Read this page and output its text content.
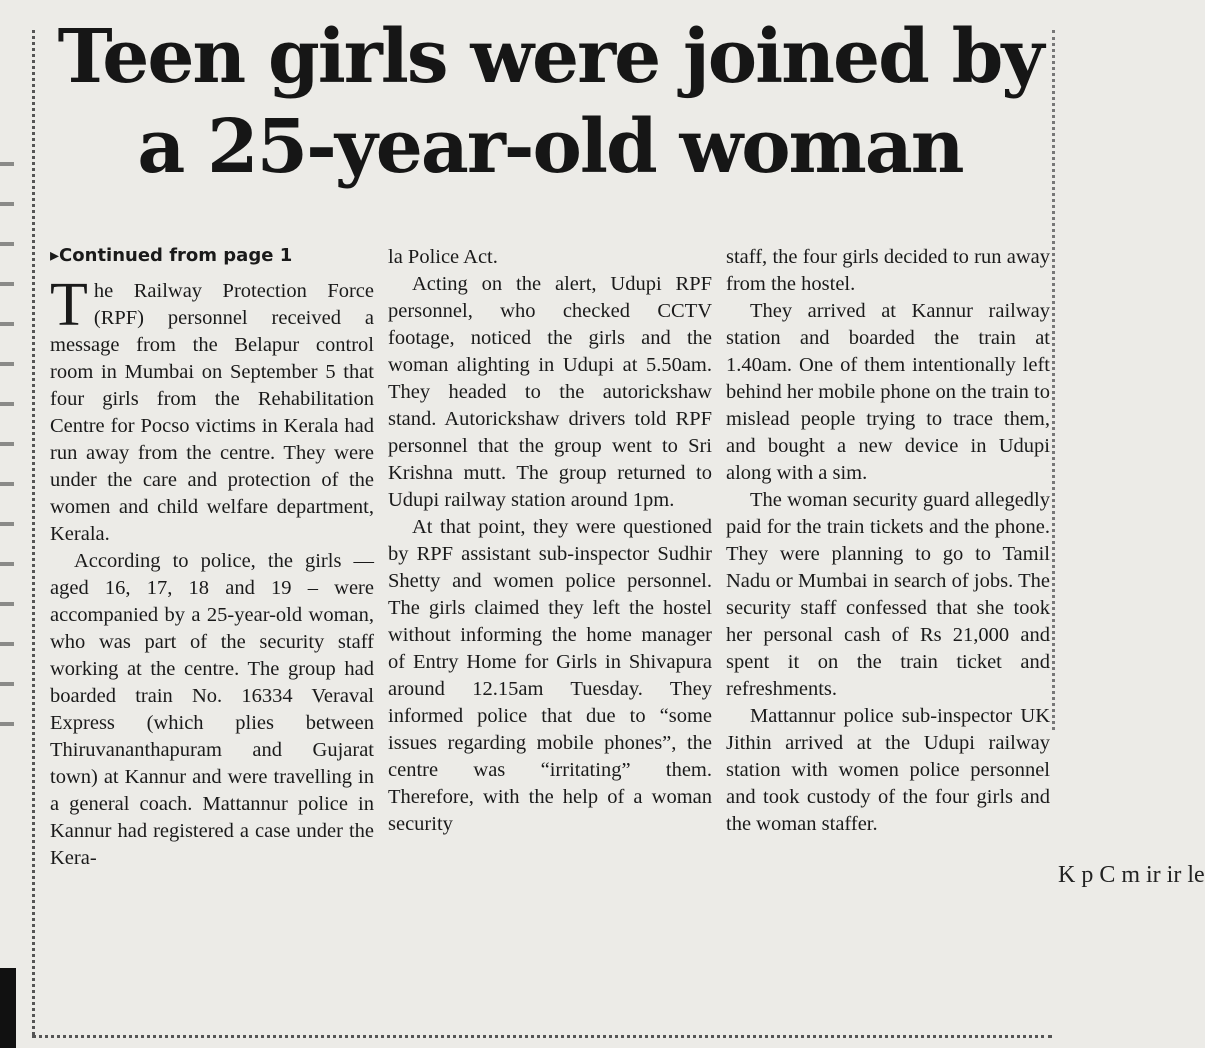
K p C m ir ir le
Teen girls were joined by a 25-year-old woman
▸Continued from page 1

The Railway Protection Force (RPF) personnel received a message from the Belapur control room in Mumbai on September 5 that four girls from the Rehabilitation Centre for Pocso victims in Kerala had run away from the centre. They were under the care and protection of the women and child welfare department, Kerala.

According to police, the girls — aged 16, 17, 18 and 19 – were accompanied by a 25-year-old woman, who was part of the security staff working at the centre. The group had boarded train No. 16334 Veraval Express (which plies between Thiruvananthapuram and Gujarat town) at Kannur and were travelling in a general coach. Mattannur police in Kannur had registered a case under the Kera-

la Police Act.

Acting on the alert, Udupi RPF personnel, who checked CCTV footage, noticed the girls and the woman alighting in Udupi at 5.50am. They headed to the autorickshaw stand. Autorickshaw drivers told RPF personnel that the group went to Sri Krishna mutt. The group returned to Udupi railway station around 1pm.

At that point, they were questioned by RPF assistant sub-inspector Sudhir Shetty and women police personnel. The girls claimed they left the hostel without informing the home manager of Entry Home for Girls in Shivapura around 12.15am Tuesday. They informed police that due to “some issues regarding mobile phones”, the centre was “irritating” them. Therefore, with the help of a woman security

staff, the four girls decided to run away from the hostel.

They arrived at Kannur railway station and boarded the train at 1.40am. One of them intentionally left behind her mobile phone on the train to mislead people trying to trace them, and bought a new device in Udupi along with a sim.

The woman security guard allegedly paid for the train tickets and the phone. They were planning to go to Tamil Nadu or Mumbai in search of jobs. The security staff confessed that she took her personal cash of Rs 21,000 and spent it on the train ticket and refreshments.

Mattannur police sub-inspector UK Jithin arrived at the Udupi railway station with women police personnel and took custody of the four girls and the woman staffer.
